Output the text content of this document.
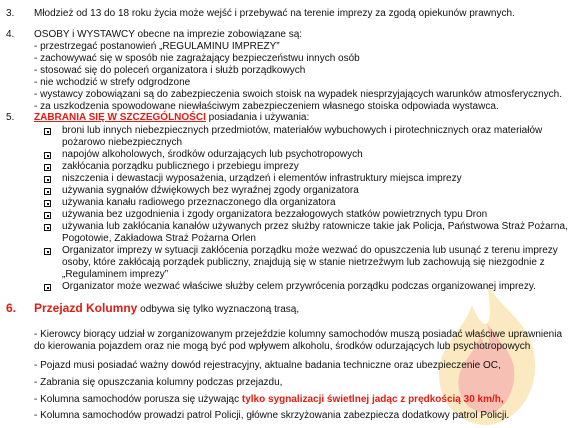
3.	Młodzież od 13 do 18 roku życia może wejść i przebywać na terenie imprezy za zgodą opiekunów prawnych.
4.	OSOBY i WYSTAWCY obecne na imprezie zobowiązane są:
- przestrzegać postanowień „REGULAMINU IMPREZY”
- zachowywać się w sposób nie zagrażający bezpieczeństwu innych osób
- stosować się do poleceń organizatora i służb porządkowych
- nie wchodzić w strefy odgrodzone
- wystawcy zobowiązani są do zabezpieczenia swoich stoisk na wypadek niesprzyjających warunków atmosferycznych.
- za uszkodzenia spowodowane niewłaściwym zabezpieczeniem własnego stoiska odpowiada wystawca.
5.	ZABRANIA SIĘ W SZCZEGÓLNOŚCI posiadania i używania:
broni lub innych niebezpiecznych przedmiotów, materiałów wybuchowych i pirotechnicznych oraz materiałów
pożarowo niebezpiecznych
napojów alkoholowych, środków odurzających lub psychotropowych
zakłócania porządku publicznego i przebiegu imprezy
niszczenia i dewastacji wyposażenia, urządzeń i elementów infrastruktury miejsca imprezy
używania sygnałów dźwiękowych bez wyraźnej zgody organizatora
używania kanału radiowego przeznaczonego dla organizatora
używania bez uzgodnienia i zgody organizatora bezzałogowych statków powietrznych typu Dron
używania lub zakłócania kanałów używanych przez służby ratownicze takie jak Policja, Państwowa Straż Pożarna,
Pogotowie, Zakładowa Straż Pożarna Orlen
Organizator imprezy w sytuacji zakłócenia porządku może wezwać do opuszczenia lub usunąć z terenu imprezy
osoby, które zakłócają porządek publiczny, znajdują się w stanie nietrzeźwym lub zachowują się niezgodnie z
„Regulaminem imprezy”
Organizator może wezwać właściwe służby celem przywrócenia porządku podczas organizowanej imprezy.
6.	Przejazd Kolumny odbywa się tylko wyznaczoną trasą,
- Kierowcy biorący udział w zorganizowanym przejeździe kolumny samochodów muszą posiadać właściwe uprawnienia
do kierowania pojazdem oraz nie mogą być pod wpływem alkoholu, środków odurzających lub psychotropowych
- Pojazd musi posiadać ważny dowód rejestracyjny, aktualne badania techniczne oraz ubezpieczenie OC,
- Zabrania się opuszczania kolumny podczas przejazdu,
- Kolumna samochodów porusza się używając tylko sygnalizacji świetlnej jadąc z prędkością 30 km/h,
- Kolumna samochodów prowadzi patrol Policji, główne skrzyżowania zabezpiecza dodatkowy patrol Policji.
